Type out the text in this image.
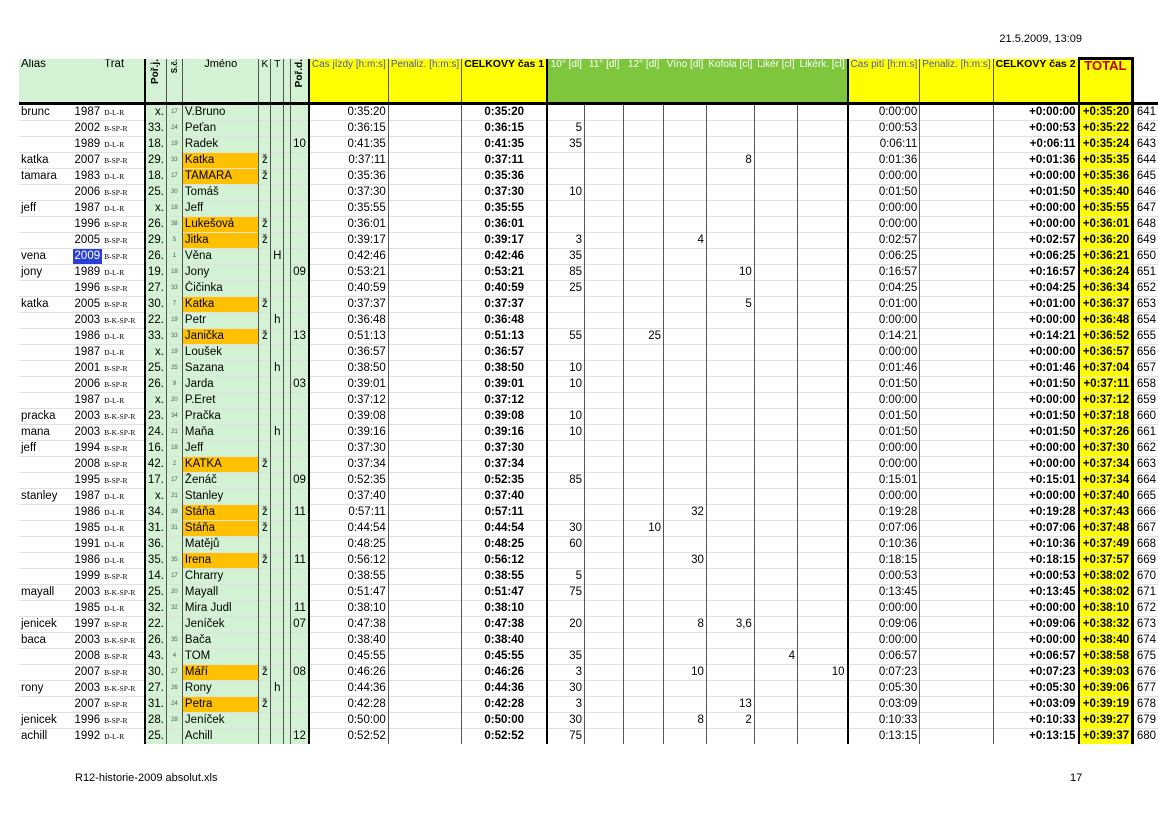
21.5.2009, 13:09
Alias		Trat	Poř.j.	S.č.	Jméno	K	T		Poř.d.	Čas jízdy [h:m:s]	Penaliz. [h:m:s]	CELKOVÝ čas 1	10° [dl]	11° [dl]	12° [dl]	Víno [dl]	Kofola [cl]	Likér [cl]	Likérk. [cl]	Čas pití [h:m:s]	Penaliz. [h:m:s]	CELKOVÝ čas 2	TOTAL	
brunc	1987	D-L-R	x.	17	V.Bruno					0:35:20		0:35:20								0:00:00		+0:00:00	+0:35:20	641
	2002	B-SP-R	33.	24	Peťan					0:36:15		0:36:15	5							0:00:53		+0:00:53	+0:35:22	642
	1989	D-L-R	18.	19	Radek				10	0:41:35		0:41:35	35							0:06:11		+0:06:11	+0:35:24	643
katka	2007	B-SP-R	29.	33	Katka	ž				0:37:11		0:37:11					8			0:01:36		+0:01:36	+0:35:35	644
tamara	1983	D-L-R	18.	17	TAMARA	ž				0:35:36		0:35:36								0:00:00		+0:00:00	+0:35:36	645
	2006	B-SP-R	25.	30	Tomáš					0:37:30		0:37:30	10							0:01:50		+0:01:50	+0:35:40	646
jeff	1987	D-L-R	x.	18	Jeff					0:35:55		0:35:55								0:00:00		+0:00:00	+0:35:55	647
	1996	B-SP-R	26.	38	Lukešová	ž				0:36:01		0:36:01								0:00:00		+0:00:00	+0:36:01	648
	2005	B-SP-R	29.	5	Jitka	ž				0:39:17		0:39:17	3			4				0:02:57		+0:02:57	+0:36:20	649
vena	2009	B-SP-R	26.	1	Věna		H			0:42:46		0:42:46	35							0:06:25		+0:06:25	+0:36:21	650
jony	1989	D-L-R	19.	18	Jony				09	0:53:21		0:53:21	85				10			0:16:57		+0:16:57	+0:36:24	651
	1996	B-SP-R	27.	33	Čičinka					0:40:59		0:40:59	25							0:04:25		+0:04:25	+0:36:34	652
katka	2005	B-SP-R	30.	7	Katka	ž				0:37:37		0:37:37					5			0:01:00		+0:01:00	+0:36:37	653
	2003	B-K-SP-R	22.	19	Petr		h			0:36:48		0:36:48								0:00:00		+0:00:00	+0:36:48	654
	1986	D-L-R	33.	33	Janička	ž			13	0:51:13		0:51:13	55		25					0:14:21		+0:14:21	+0:36:52	655
	1987	D-L-R	x.	19	Loušek					0:36:57		0:36:57								0:00:00		+0:00:00	+0:36:57	656
	2001	B-SP-R	25.	25	Sazana		h			0:38:50		0:38:50	10							0:01:46		+0:01:46	+0:37:04	657
	2006	B-SP-R	26.	9	Jarda				03	0:39:01		0:39:01	10							0:01:50		+0:01:50	+0:37:11	658
	1987	D-L-R	x.	20	P.Eret					0:37:12		0:37:12								0:00:00		+0:00:00	+0:37:12	659
pracka	2003	B-K-SP-R	23.	34	Pračka					0:39:08		0:39:08	10							0:01:50		+0:01:50	+0:37:18	660
mana	2003	B-K-SP-R	24.	21	Maňa		h			0:39:16		0:39:16	10							0:01:50		+0:01:50	+0:37:26	661
jeff	1994	B-SP-R	16.	18	Jeff					0:37:30		0:37:30								0:00:00		+0:00:00	+0:37:30	662
	2008	B-SP-R	42.	2	KATKA	ž				0:37:34		0:37:34								0:00:00		+0:00:00	+0:37:34	663
	1995	B-SP-R	17.	17	Ženáč				09	0:52:35		0:52:35	85							0:15:01		+0:15:01	+0:37:34	664
stanley	1987	D-L-R	x.	21	Stanley					0:37:40		0:37:40								0:00:00		+0:00:00	+0:37:40	665
	1986	D-L-R	34.	39	Stáňa	ž			11	0:57:11		0:57:11				32				0:19:28		+0:19:28	+0:37:43	666
	1985	D-L-R	31.	31	Stáňa	ž				0:44:54		0:44:54	30		10					0:07:06		+0:07:06	+0:37:48	667
	1991	D-L-R	36.		Matějů					0:48:25		0:48:25	60							0:10:36		+0:10:36	+0:37:49	668
	1986	D-L-R	35.	35	Irena	ž			11	0:56:12		0:56:12				30				0:18:15		+0:18:15	+0:37:57	669
	1999	B-SP-R	14.	17	Chrarry					0:38:55		0:38:55	5							0:00:53		+0:00:53	+0:38:02	670
mayall	2003	B-K-SP-R	25.	20	Mayall					0:51:47		0:51:47	75							0:13:45		+0:13:45	+0:38:02	671
	1985	D-L-R	32.	32	Mira Judl				11	0:38:10		0:38:10								0:00:00		+0:00:00	+0:38:10	672
jenicek	1997	B-SP-R	22.		Jeníček				07	0:47:38		0:47:38	20			8	3,6			0:09:06		+0:09:06	+0:38:32	673
baca	2003	B-K-SP-R	26.	35	Bača					0:38:40		0:38:40								0:00:00		+0:00:00	+0:38:40	674
	2008	B-SP-R	43.	4	TOM					0:45:55		0:45:55	35					4		0:06:57		+0:06:57	+0:38:58	675
	2007	B-SP-R	30.	27	Máří	ž			08	0:46:26		0:46:26	3			10			10	0:07:23		+0:07:23	+0:39:03	676
rony	2003	B-K-SP-R	27.	26	Rony		h			0:44:36		0:44:36	30							0:05:30		+0:05:30	+0:39:06	677
	2007	B-SP-R	31.	24	Petra	ž				0:42:28		0:42:28	3				13			0:03:09		+0:03:09	+0:39:19	678
jenicek	1996	B-SP-R	28.	28	Jeníček					0:50:00		0:50:00	30			8	2			0:10:33		+0:10:33	+0:39:27	679
achill	1992	D-L-R	25.		Achill				12	0:52:52		0:52:52	75							0:13:15		+0:13:15	+0:39:37	680
R12-historie-2009 absolut.xls	17
